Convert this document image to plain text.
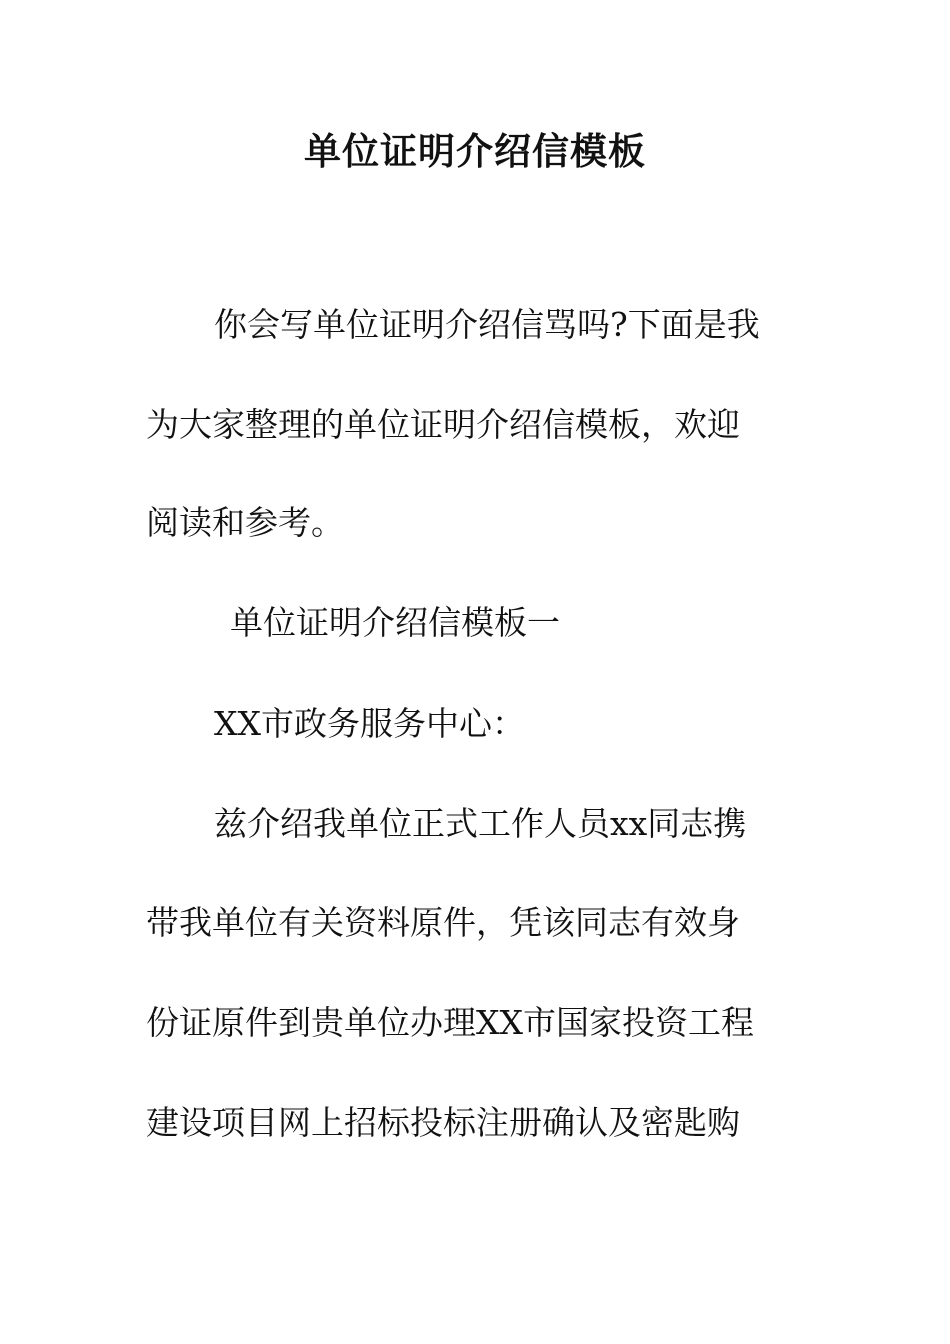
单位证明介绍信模板

你会写单位证明介绍信骂吗?下面是我

为大家整理的单位证明介绍信模板，欢迎

阅读和参考。

单位证明介绍信模板一

XX市政务服务中心：

兹介绍我单位正式工作人员xx同志携

带我单位有关资料原件，凭该同志有效身

份证原件到贵单位办理XX市国家投资工程

建设项目网上招标投标注册确认及密匙购
